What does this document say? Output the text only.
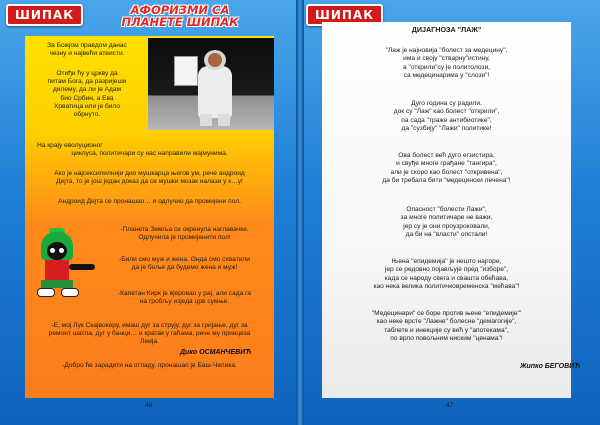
ШИПАК	АФОРИЗМИ СА
ПЛАНЕТЕ ШИПАК
За Божјом правдом данас
чезну и највећи атеисти.
Отиђи ћу у цркву да
питам Бога, да разријеши
дилему, да ли је Адам
био Србин, а Ева
Хрватица или је било
обрнуто.
На крају еволуционог
циклуса, политичари су нас направили мајмунима.
Ако је најсексипилнији дио мушкарца његов ум, рече андроид
Дејта, то је још један доказ да се мушки мозак налази у к…у!
Андроид Дејта се пронашао… и одлучио да промијени пол.
-Планета Земља се окренула наглавачке.
Одлучила је промијенити пол!
-Били смо муж и жена. Онда смо схватили
да је боље да будемо жена и муж!
-Капетан Кирк је вјеровао у рај, али сада га
на гробљу изједа црв сумње.
-Е, мој Лук Скајвокеру, имаш дуг за струју, дуг за гријање, дуг за
ремонт шатла, дуг у банци… и кратак у гаћама, рече му принцеза
Леија.
-Добро ће зарадити на отпаду, пронашао је Баш-Челика.
Дико ОСМАНЧЕВИЋ
46
ШИПАК
ДИЈАГНОЗА "ЛАЖ"
"Лаж је најновија "болест за медецину",
има и своју "стварну"истину,
а "открили"су је политолози,
са медецинарима у "слози"!
Дуго година су радили,
док су "Лаж" као болест "открили",
па сада "траже антибиотике",
да "сузбију" "Лажи" политике!
Ова болест већ дуго егзистира,
и свуђе многе грађане "тангира",
али је скоро као болест "откривена",
да би требала бити "медецински лечена"!
Опасност "болести Лажи",
за многе политичаре не важи,
јер су је они проузроковали,
да би на "власти" опстали!
Њена "епидемија" је нешто најгоре,
јер се редовно појављује пред "изборе",
када се народу свега и свашта обећава,
као нека велика политичковременска "мећава"!
"Медецинари" се боре против њене "епидемије"'
као неке врсте "Лажне" болесне "демагогије",
таблете и инекције су већ у "апотекама",
по врло повољним ниским "ценама"!
Жипко БЕГОВИЋ
47
